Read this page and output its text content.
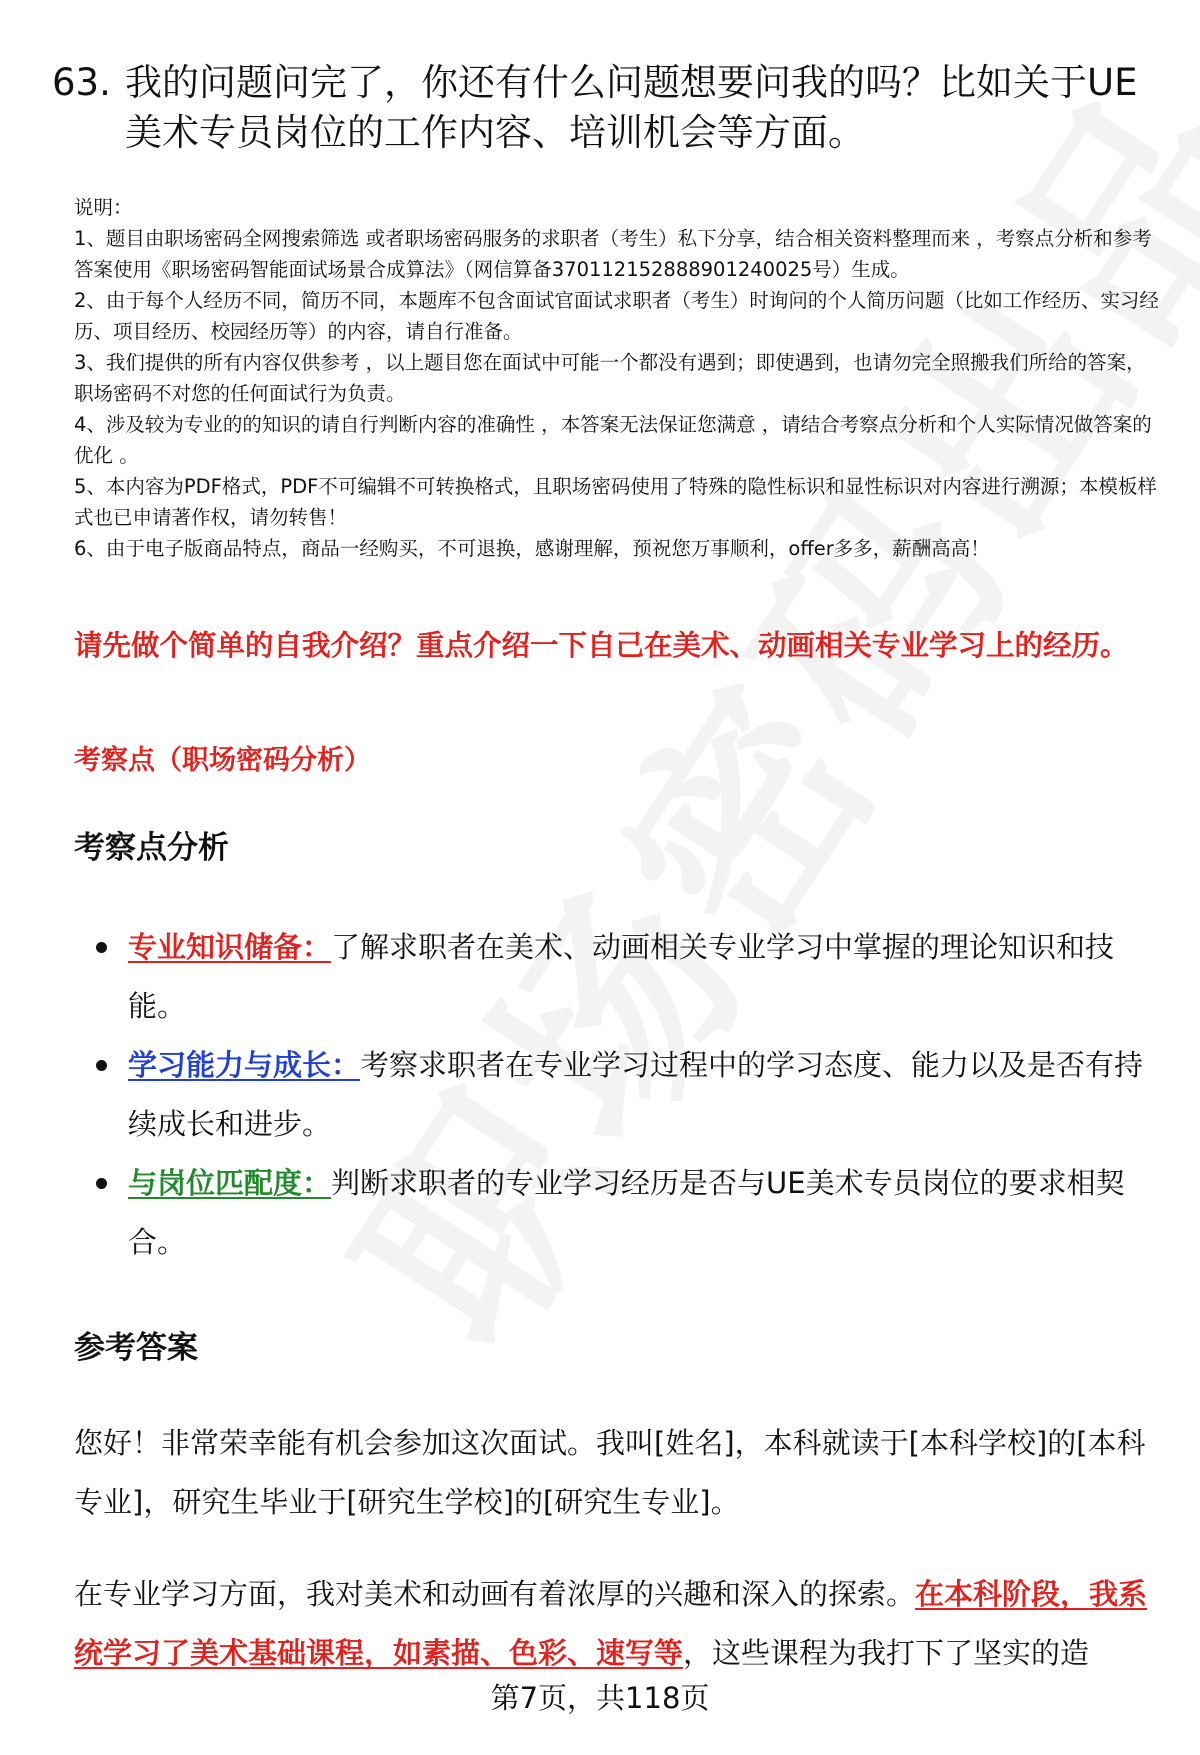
63. 我的问题问完了，你还有什么问题想要问我的吗？比如关于UE美术专员岗位的工作内容、培训机会等方面。

说明：

1、题目由职场密码全网搜索筛选 或者职场密码服务的求职者（考生）私下分享，结合相关资料整理而来 ，考察点分析和参考答案使用《职场密码智能面试场景合成算法》（网信算备370112152888901240025号）生成。

2、由于每个人经历不同，简历不同，本题库不包含面试官面试求职者（考生）时询问的个人简历问题（比如工作经历、实习经历、项目经历、校园经历等）的内容，请自行准备。

3、我们提供的所有内容仅供参考 ，以上题目您在面试中可能一个都没有遇到；即使遇到，也请勿完全照搬我们所给的答案，职场密码不对您的任何面试行为负责。

4、涉及较为专业的的知识的请自行判断内容的准确性 ，本答案无法保证您满意 ，请结合考察点分析和个人实际情况做答案的优化 。

5、本内容为PDF格式，PDF不可编辑不可转换格式，且职场密码使用了特殊的隐性标识和显性标识对内容进行溯源；本模板样式也已申请著作权，请勿转售！

6、由于电子版商品特点，商品一经购买，不可退换，感谢理解，预祝您万事顺利，offer多多，薪酬高高！

请先做个简单的自我介绍？重点介绍一下自己在美术、动画相关专业学习上的经历。
考察点（职场密码分析）
考察点分析
专业知识储备：了解求职者在美术、动画相关专业学习中掌握的理论知识和技能。
学习能力与成长：考察求职者在专业学习过程中的学习态度、能力以及是否有持续成长和进步。
与岗位匹配度：判断求职者的专业学习经历是否与UE美术专员岗位的要求相契合。
参考答案

您好！非常荣幸能有机会参加这次面试。我叫[姓名]，本科就读于[本科学校]的[本科专业]，研究生毕业于[研究生学校]的[研究生专业]。

在专业学习方面，我对美术和动画有着浓厚的兴趣和深入的探索。在本科阶段，我系统学习了美术基础课程，如素描、色彩、速写等，这些课程为我打下了坚实的造

第7页，共118页
